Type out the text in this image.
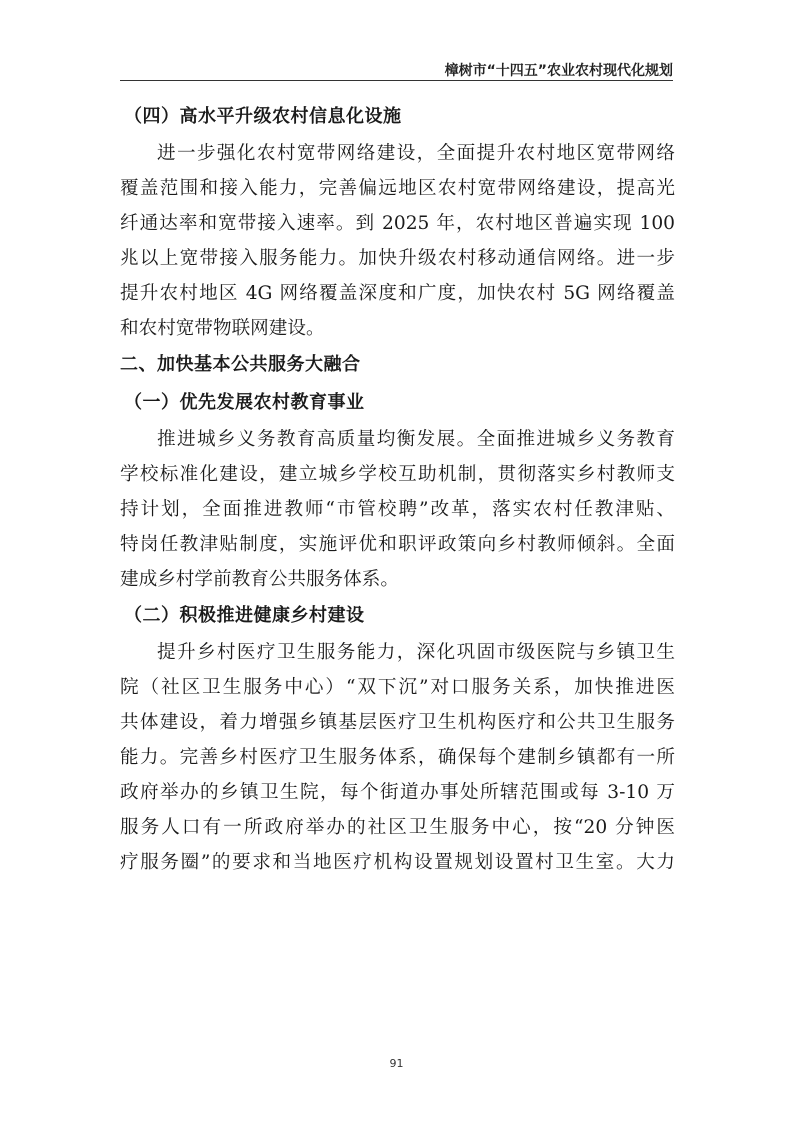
樟树市“十四五”农业农村现代化规划
（四）高水平升级农村信息化设施
进一步强化农村宽带网络建设，全面提升农村地区宽带网络
覆盖范围和接入能力，完善偏远地区农村宽带网络建设，提高光
纤通达率和宽带接入速率。到 2025 年，农村地区普遍实现 100
兆以上宽带接入服务能力。加快升级农村移动通信网络。进一步
提升农村地区 4G 网络覆盖深度和广度，加快农村 5G 网络覆盖
和农村宽带物联网建设。
二、加快基本公共服务大融合
（一）优先发展农村教育事业
推进城乡义务教育高质量均衡发展。全面推进城乡义务教育
学校标准化建设，建立城乡学校互助机制，贯彻落实乡村教师支
持计划，全面推进教师“市管校聘”改革，落实农村任教津贴、
特岗任教津贴制度，实施评优和职评政策向乡村教师倾斜。全面
建成乡村学前教育公共服务体系。
（二）积极推进健康乡村建设
提升乡村医疗卫生服务能力，深化巩固市级医院与乡镇卫生
院（社区卫生服务中心）“双下沉”对口服务关系，加快推进医
共体建设，着力增强乡镇基层医疗卫生机构医疗和公共卫生服务
能力。完善乡村医疗卫生服务体系，确保每个建制乡镇都有一所
政府举办的乡镇卫生院，每个街道办事处所辖范围或每 3-10 万
服务人口有一所政府举办的社区卫生服务中心，按“20 分钟医
疗服务圈”的要求和当地医疗机构设置规划设置村卫生室。大力
91
